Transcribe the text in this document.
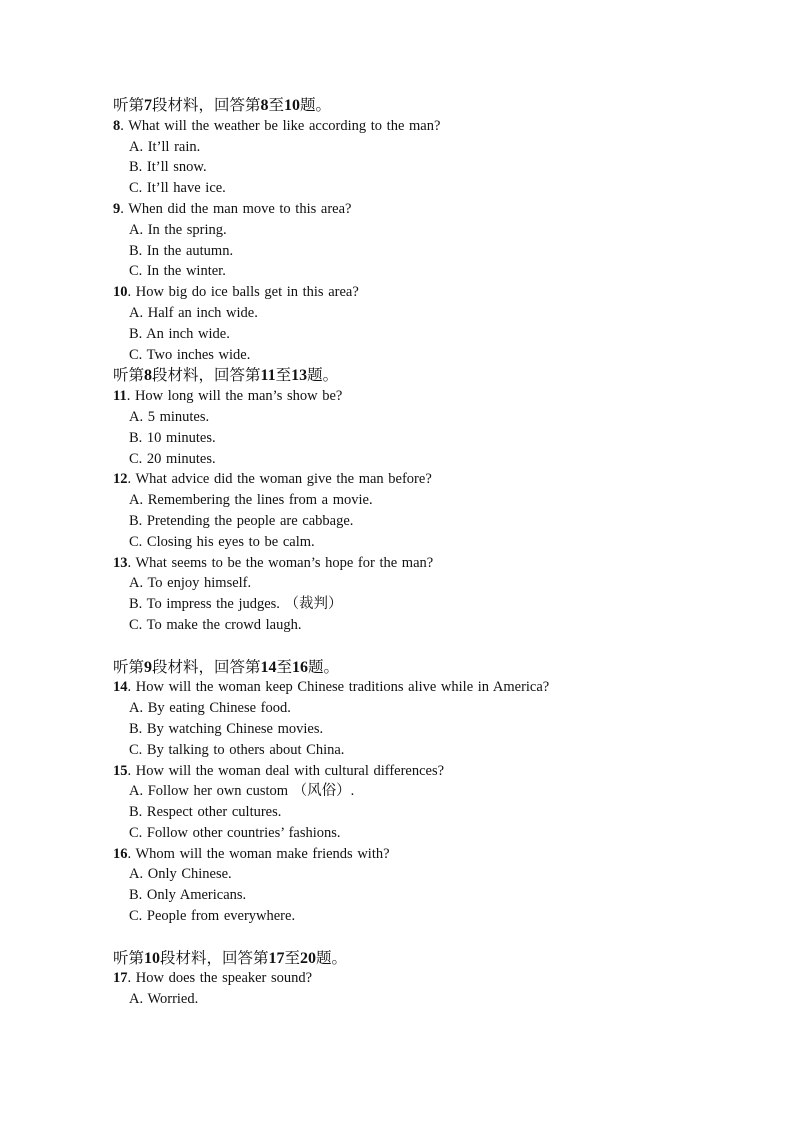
听第7段材料，回答第8至10题。
8. What will the weather be like according to the man?
A. It’ll rain.
B. It’ll snow.
C. It’ll have ice.
9. When did the man move to this area?
A. In the spring.
B. In the autumn.
C. In the winter.
10. How big do ice balls get in this area?
A. Half an inch wide.
B. An inch wide.
C. Two inches wide.
听第8段材料，回答第11至13题。
11. How long will the man’s show be?
A. 5 minutes.
B. 10 minutes.
C. 20 minutes.
12. What advice did the woman give the man before?
A. Remembering the lines from a movie.
B. Pretending the people are cabbage.
C. Closing his eyes to be calm.
13. What seems to be the woman’s hope for the man?
A. To enjoy himself.
B. To impress the judges. （裁判）
C. To make the crowd laugh.
听第9段材料，回答第14至16题。
14. How will the woman keep Chinese traditions alive while in America?
A. By eating Chinese food.
B. By watching Chinese movies.
C. By talking to others about China.
15. How will the woman deal with cultural differences?
A. Follow her own custom （风俗）.
B. Respect other cultures.
C. Follow other countries’ fashions.
16. Whom will the woman make friends with?
A. Only Chinese.
B. Only Americans.
C. People from everywhere.
听第10段材料，回答第17至20题。
17. How does the speaker sound?
A. Worried.
